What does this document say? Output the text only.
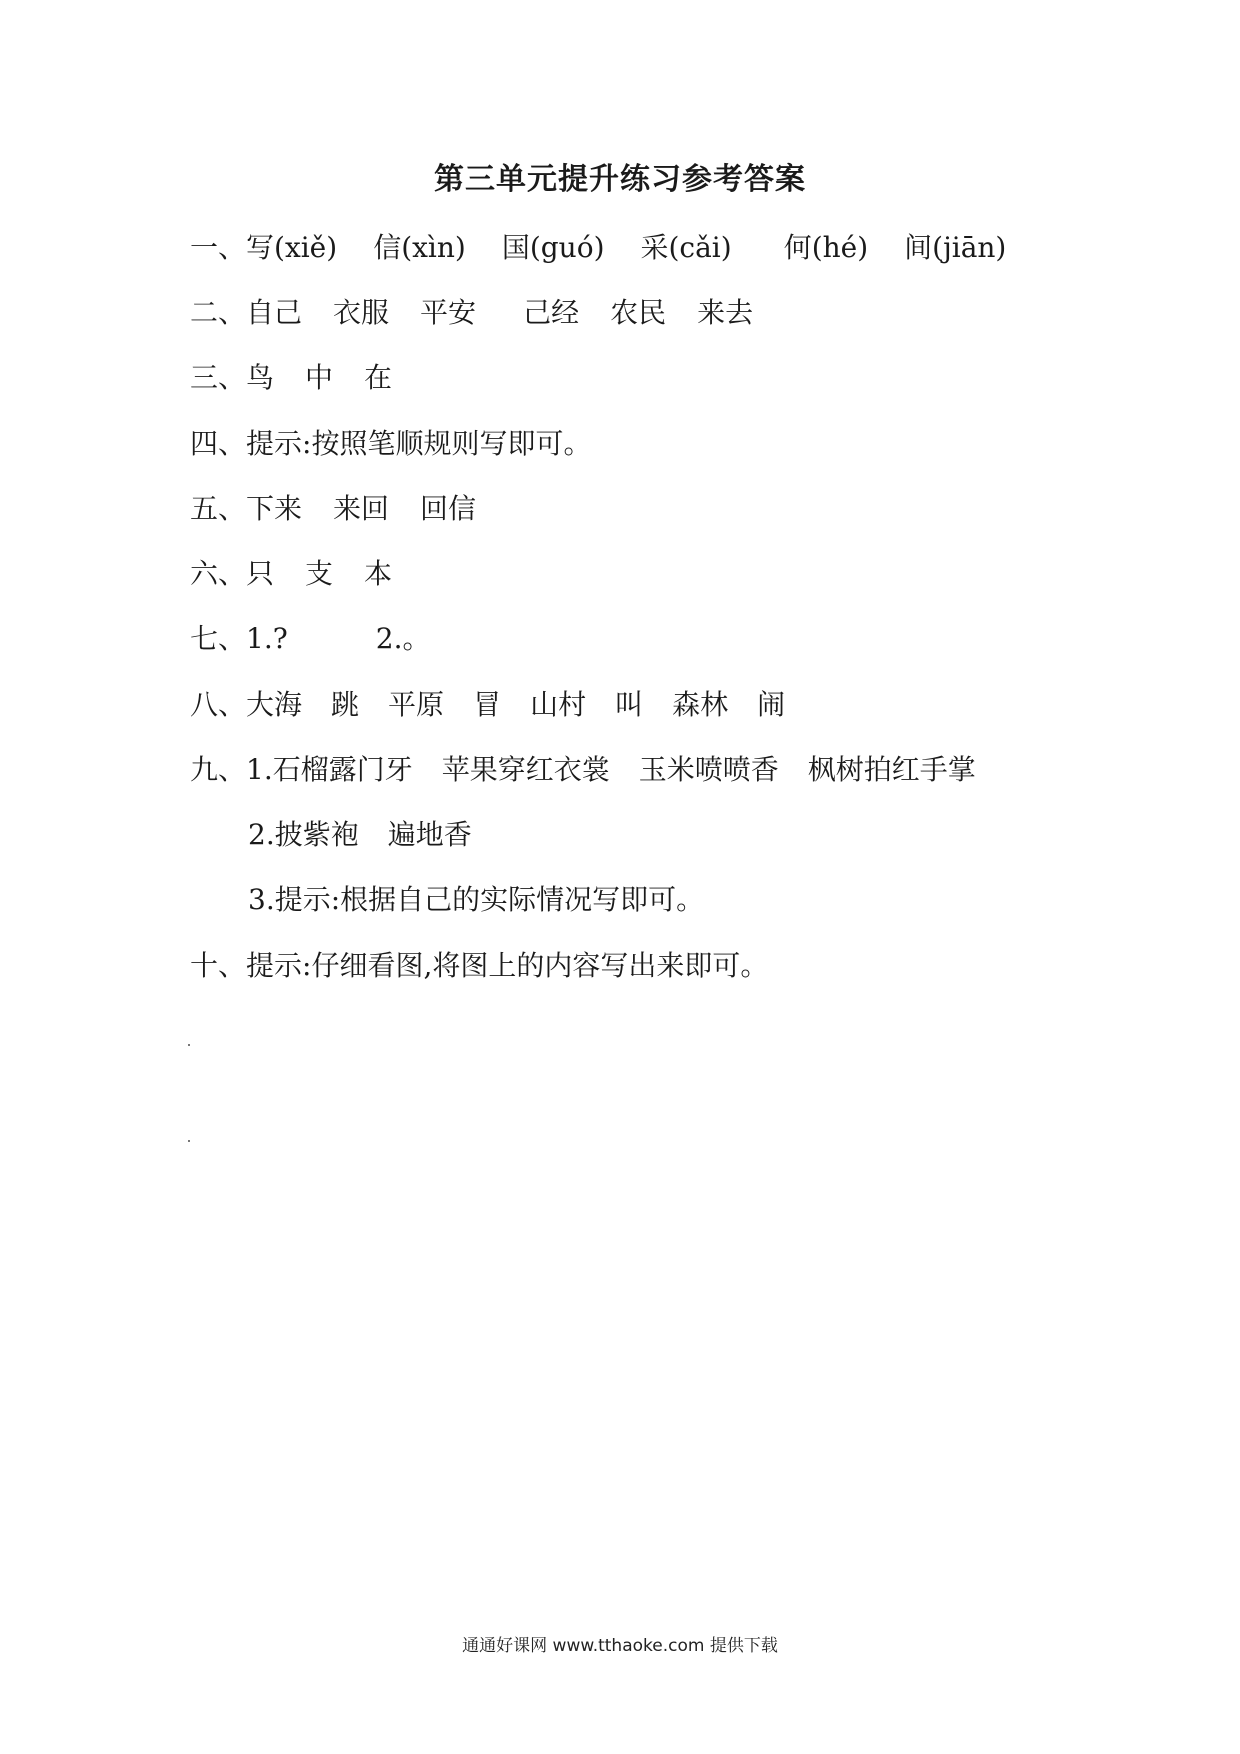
第三单元提升练习参考答案
一、写(xiě) 信(xìn) 国(guó) 采(cǎi) 何(hé) 间(jiān)
二、自己 衣服 平安 己经 农民 来去
三、鸟 中 在
四、提示:按照笔顺规则写即可。
五、下来 来回 回信
六、只 支 本
七、1.?	2.。
八、大海 跳 平原 冒 山村 叫 森林 闹
九、1.石榴露门牙 苹果穿红衣裳 玉米喷喷香 枫树拍红手掌
2.披紫袍 遍地香
3.提示:根据自己的实际情况写即可。
十、提示:仔细看图,将图上的内容写出来即可。
通通好课网 www.tthaoke.com 提供下载
